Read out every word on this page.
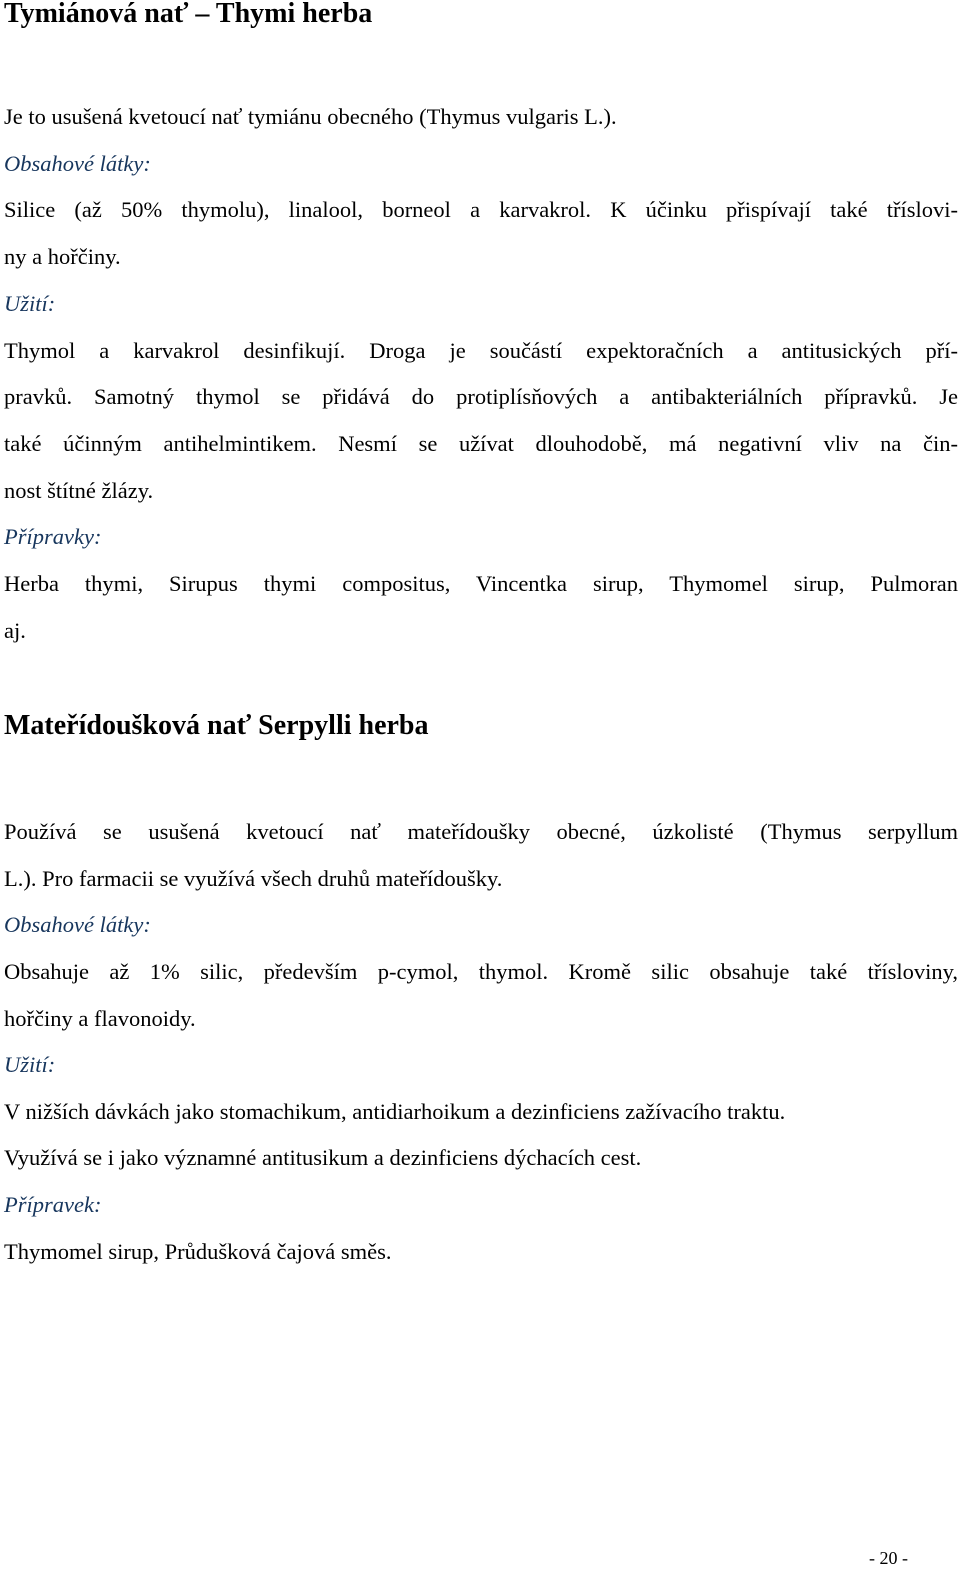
Tymiánová nať – Thymi herba

Je to usušená kvetoucí nať tymiánu obecného (Thymus vulgaris L.).

Obsahové látky:

Silice (až 50% thymolu), linalool, borneol a karvakrol. K účinku přispívají také tříslovi-

ny a hořčiny.

Užití:

Thymol a karvakrol desinfikují. Droga je součástí expektoračních a antitusických pří-

pravků. Samotný thymol se přidává do protiplísňových a antibakteriálních přípravků. Je

také účinným antihelmintikem. Nesmí se užívat dlouhodobě, má negativní vliv na čin-

nost štítné žlázy.

Přípravky:

Herba thymi, Sirupus thymi compositus, Vincentka sirup, Thymomel sirup, Pulmoran

aj.

Mateřídoušková nať Serpylli herba

Používá se usušená kvetoucí nať mateřídoušky obecné, úzkolisté (Thymus serpyllum

L.). Pro farmacii se využívá všech druhů mateřídoušky.

Obsahové látky:

Obsahuje až 1% silic, především p-cymol, thymol. Kromě silic obsahuje také třísloviny,

hořčiny a flavonoidy.

Užití:

V nižších dávkách jako stomachikum, antidiarhoikum a dezinficiens zažívacího traktu.

Využívá se i jako významné antitusikum a dezinficiens dýchacích cest.

Přípravek:

Thymomel sirup, Průdušková čajová směs.

- 20 -
